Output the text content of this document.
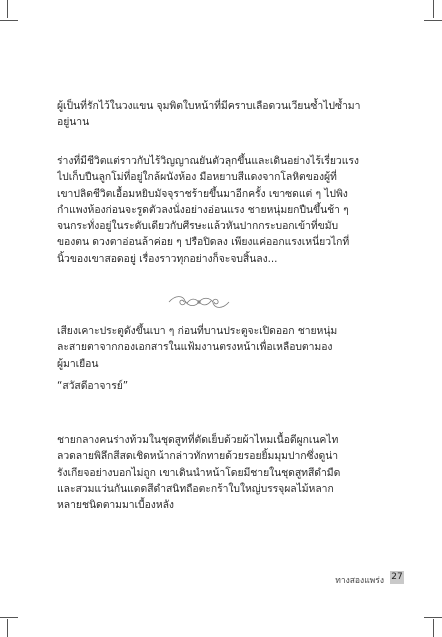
ผู้เป็นที่รักไว้ในวงแขน จุมพิตใบหน้าที่มีคราบเลือดวนเวียนซ้ำไปซ้ำมา
อยู่นาน

ร่างที่มีชีวิตแต่ราวกับไร้วิญญาณยันตัวลุกขึ้นและเดินอย่างไร้เรี่ยวแรง
ไปเก็บปืนลูกโม่ที่อยู่ใกล้ผนังห้อง มือหยาบสีแดงจากโลหิตของผู้ที่
เขาปลิดชีวิตเอื้อมหยิบมัจจุราชร้ายขึ้นมาอีกครั้ง เขาซดแต่ ๆ ไปพิง
กำแพงห้องก่อนจะรูดตัวลงนั่งอย่างอ่อนแรง ชายหนุ่มยกปืนขึ้นช้า ๆ
จนกระทั่งอยู่ในระดับเดียวกับศีรษะแล้วหันปากกระบอกเข้าที่ขมับ
ของตน ดวงตาอ่อนล้าค่อย ๆ ปรือปิดลง เพียงแค่ออกแรงเหนี่ยวไกที่
นิ้วของเขาสอดอยู่ เรื่องราวทุกอย่างก็จะจบสิ้นลง...

เสียงเคาะประตูดังขึ้นเบา ๆ ก่อนที่บานประตูจะเปิดออก ชายหนุ่ม
ละสายตาจากกองเอกสารในแฟ้มงานตรงหน้าเพื่อเหลือบตามอง
ผู้มาเยือน

“สวัสดีอาจารย์”

ชายกลางคนร่างท้วมในชุดสูทที่ตัดเย็บด้วยผ้าไหมเนื้อดีผูกเนคไท
ลวดลายพิลึกสีสดเชิดหน้ากล่าวทักทายด้วยรอยยิ้มมุมปากซึ่งดูน่า
รังเกียจอย่างบอกไม่ถูก เขาเดินนำหน้าโดยมีชายในชุดสูทสีดำมืด
และสวมแว่นกันแดดสีดำสนิทถือตะกร้าใบใหญ่บรรจุผลไม้หลาก
หลายชนิดตามมาเบื้องหลัง

ทางสองแพร่ง 27
